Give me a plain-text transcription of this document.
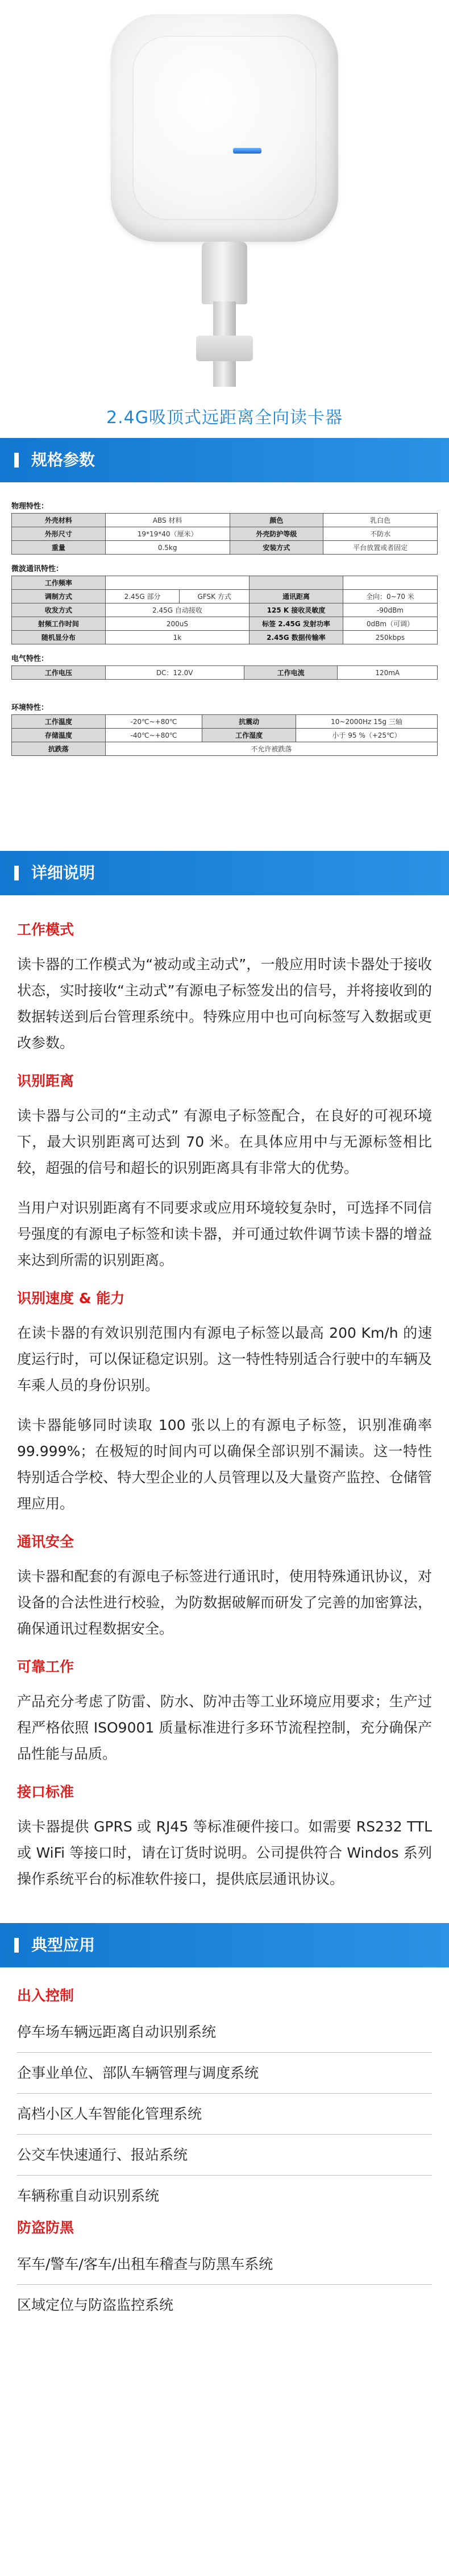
2.4G吸顶式远距离全向读卡器
规格参数
物理特性：
外壳材料	ABS 材料	颜色	乳白色
外形尺寸	19*19*40（厘米）	外壳防护等级	不防水
重量	0.5kg	安装方式	平台放置或者固定
微波通讯特性：
工作频率				
调制方式	2.45G 部分	GFSK 方式	通讯距离	全向：0~70 米
收发方式	2.45G 自动接收		125 K 接收灵敏度	-90dBm
射频工作时间	200uS		标签 2.45G 发射功率	0dBm（可调）
随机显分布	1k		2.45G 数据传输率	250kbps
电气特性：
工作电压	DC：12.0V	工作电流	120mA
环境特性：
工作温度	-20℃~+80℃	抗震动	10~2000Hz 15g 三轴
存储温度	-40℃~+80℃	工作湿度	小于 95 %（+25℃）
抗跌落	不允许被跌落		
详细说明
工作模式

读卡器的工作模式为“被动或主动式”，一般应用时读卡器处于接收状态，实时接收“主动式”有源电子标签发出的信号，并将接收到的数据转送到后台管理系统中。特殊应用中也可向标签写入数据或更改参数。

识别距离

读卡器与公司的“主动式” 有源电子标签配合，在良好的可视环境下，最大识别距离可达到 70 米。在具体应用中与无源标签相比较，超强的信号和超长的识别距离具有非常大的优势。

当用户对识别距离有不同要求或应用环境较复杂时，可选择不同信号强度的有源电子标签和读卡器，并可通过软件调节读卡器的增益来达到所需的识别距离。

识别速度 & 能力

在读卡器的有效识别范围内有源电子标签以最高 200 Km/h 的速度运行时，可以保证稳定识别。这一特性特别适合行驶中的车辆及车乘人员的身份识别。

读卡器能够同时读取 100 张以上的有源电子标签，识别准确率 99.999%；在极短的时间内可以确保全部识别不漏读。这一特性特别适合学校、特大型企业的人员管理以及大量资产监控、仓储管理应用。

通讯安全

读卡器和配套的有源电子标签进行通讯时，使用特殊通讯协议，对设备的合法性进行校验，为防数据破解而研发了完善的加密算法，确保通讯过程数据安全。

可靠工作

产品充分考虑了防雷、防水、防冲击等工业环境应用要求；生产过程严格依照 ISO9001 质量标准进行多环节流程控制，充分确保产品性能与品质。

接口标准

读卡器提供 GPRS 或 RJ45 等标准硬件接口。如需要 RS232 TTL 或 WiFi 等接口时，请在订货时说明。公司提供符合 Windos 系列操作系统平台的标准软件接口，提供底层通讯协议。

典型应用
出入控制
停车场车辆远距离自动识别系统
企事业单位、部队车辆管理与调度系统
高档小区人车智能化管理系统
公交车快速通行、报站系统
车辆称重自动识别系统
防盗防黑
军车/警车/客车/出租车稽查与防黑车系统
区域定位与防盗监控系统
